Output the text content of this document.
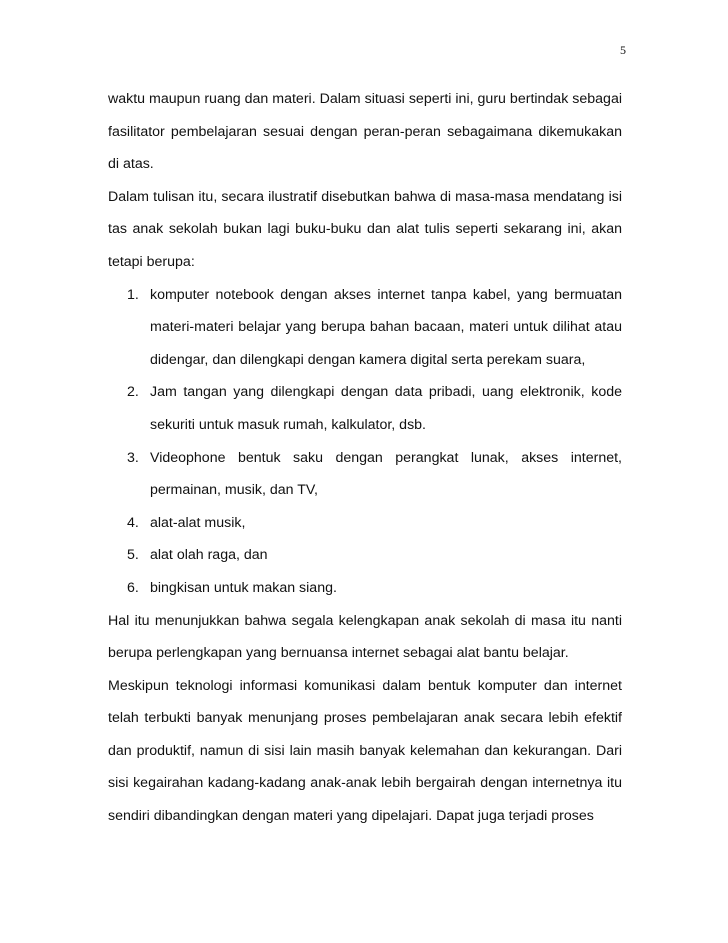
5

waktu maupun ruang dan materi. Dalam situasi seperti ini, guru bertindak sebagai fasilitator pembelajaran sesuai dengan peran-peran sebagaimana dikemukakan di atas.

Dalam tulisan itu, secara ilustratif disebutkan bahwa di masa-masa mendatang isi tas anak sekolah bukan lagi buku-buku dan alat tulis seperti sekarang ini, akan tetapi berupa:

1. komputer notebook dengan akses internet tanpa kabel, yang bermuatan materi-materi belajar yang berupa bahan bacaan, materi untuk dilihat atau didengar, dan dilengkapi dengan kamera digital serta perekam suara,
2. Jam tangan yang dilengkapi dengan data pribadi, uang elektronik, kode sekuriti untuk masuk rumah, kalkulator, dsb.
3. Videophone bentuk saku dengan perangkat lunak, akses internet, permainan, musik, dan TV,
4. alat-alat musik,
5. alat olah raga, dan
6. bingkisan untuk makan siang.

Hal itu menunjukkan bahwa segala kelengkapan anak sekolah di masa itu nanti berupa perlengkapan yang bernuansa internet sebagai alat bantu belajar.

Meskipun teknologi informasi komunikasi dalam bentuk komputer dan internet telah terbukti banyak menunjang proses pembelajaran anak secara lebih efektif dan produktif, namun di sisi lain masih banyak kelemahan dan kekurangan. Dari sisi kegairahan kadang-kadang anak-anak lebih bergairah dengan internetnya itu sendiri dibandingkan dengan materi yang dipelajari. Dapat juga terjadi proses
